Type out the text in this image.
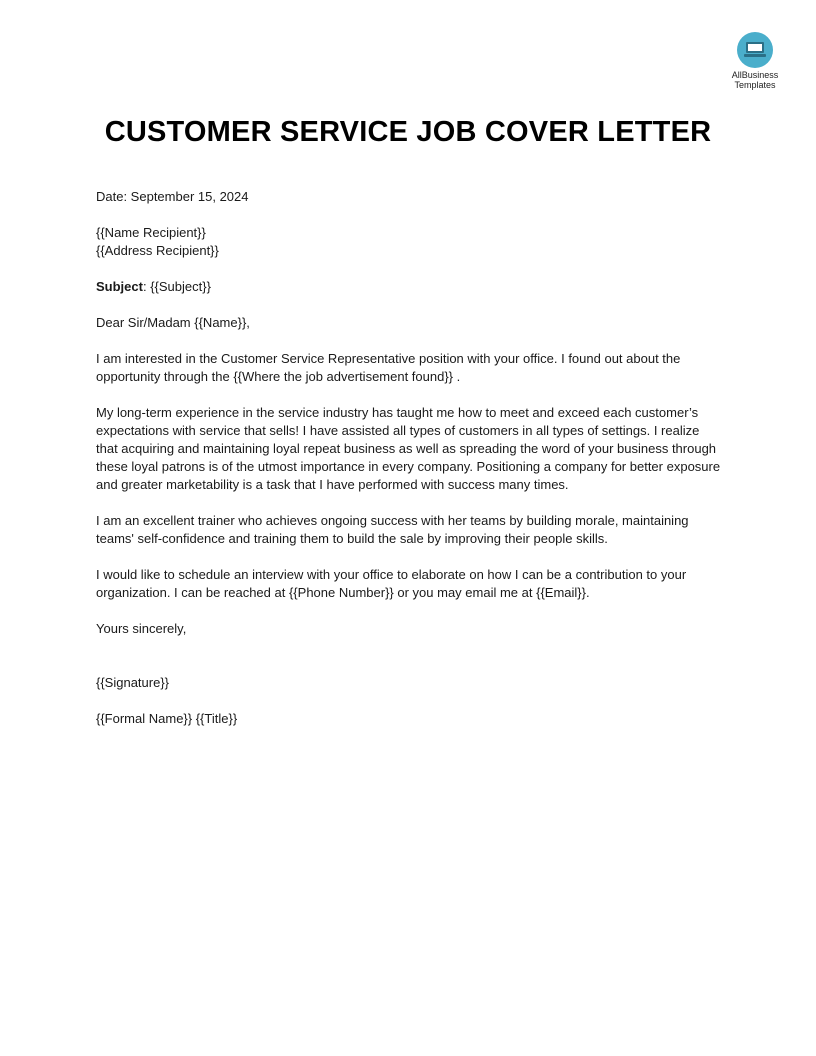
AllBusiness
Templates
CUSTOMER SERVICE JOB COVER LETTER

Date: September 15, 2024

{{Name Recipient}}
{{Address Recipient}}

Subject: {{Subject}}

Dear Sir/Madam {{Name}},

I am interested in the Customer Service Representative position with your office. I found out about the opportunity through the {{Where the job advertisement found}} .

My long-term experience in the service industry has taught me how to meet and exceed each customer’s expectations with service that sells! I have assisted all types of customers in all types of settings. I realize that acquiring and maintaining loyal repeat business as well as spreading the word of your business through these loyal patrons is of the utmost importance in every company. Positioning a company for better exposure and greater marketability is a task that I have performed with success many times.

I am an excellent trainer who achieves ongoing success with her teams by building morale, maintaining teams' self-confidence and training them to build the sale by improving their people skills.

I would like to schedule an interview with your office to elaborate on how I can be a contribution to your organization. I can be reached at {{Phone Number}} or you may email me at {{Email}}.

Yours sincerely,

{{Signature}}

{{Formal Name}} {{Title}}
